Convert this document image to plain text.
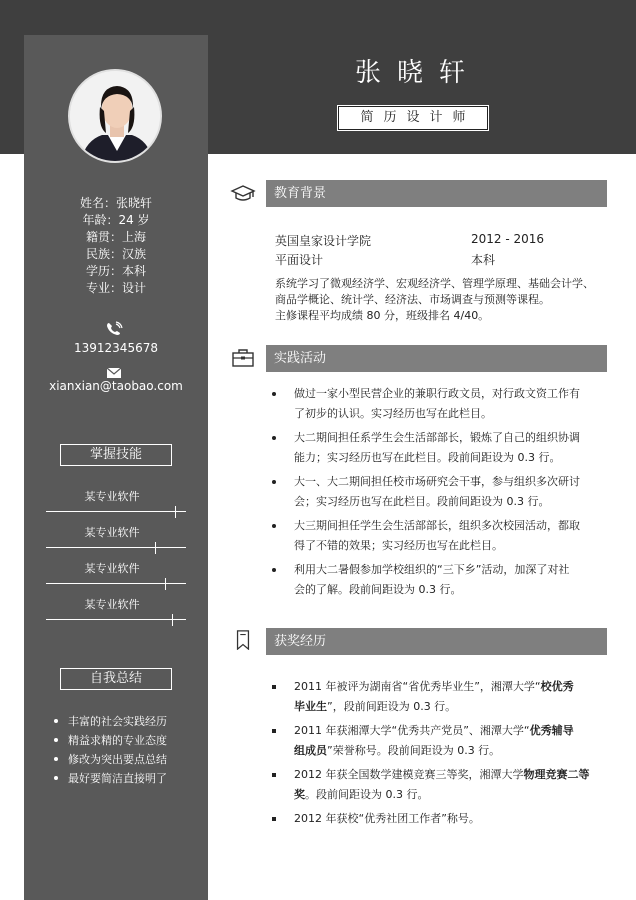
张晓轩
简历设计师
姓名：张晓轩
年龄：24 岁
籍贯：上海
民族：汉族
学历：本科
专业：设计
13912345678
xianxian@taobao.com
掌握技能
某专业软件
某专业软件
某专业软件
某专业软件
自我总结
丰富的社会实践经历
精益求精的专业态度
修改为突出要点总结
最好要简洁直接明了
教育背景
英国皇家设计学院	2012 - 2016
平面设计	本科
系统学习了微观经济学、宏观经济学、管理学原理、基础会计学、
商品学概论、统计学、经济法、市场调查与预测等课程。
主修课程平均成绩 80 分，班级排名 4/40。
实践活动
做过一家小型民营企业的兼职行政文员，对行政文资工作有
了初步的认识。实习经历也写在此栏目。
大二期间担任系学生会生活部部长，锻炼了自己的组织协调
能力；实习经历也写在此栏目。段前间距设为 0.3 行。
大一、大二期间担任校市场研究会干事，参与组织多次研讨
会；实习经历也写在此栏目。段前间距设为 0.3 行。
大三期间担任学生会生活部部长，组织多次校园活动，都取
得了不错的效果；实习经历也写在此栏目。
利用大二暑假参加学校组织的“三下乡”活动，加深了对社
会的了解。段前间距设为 0.3 行。
获奖经历
2011 年被评为湖南省“省优秀毕业生”，湘潭大学“校优秀
毕业生”，段前间距设为 0.3 行。
2011 年获湘潭大学“优秀共产党员”、湘潭大学“优秀辅导
组成员”荣誉称号。段前间距设为 0.3 行。
2012 年获全国数学建模竞赛三等奖，湘潭大学物理竞赛二等
奖。段前间距设为 0.3 行。
2012 年获校“优秀社团工作者”称号。
